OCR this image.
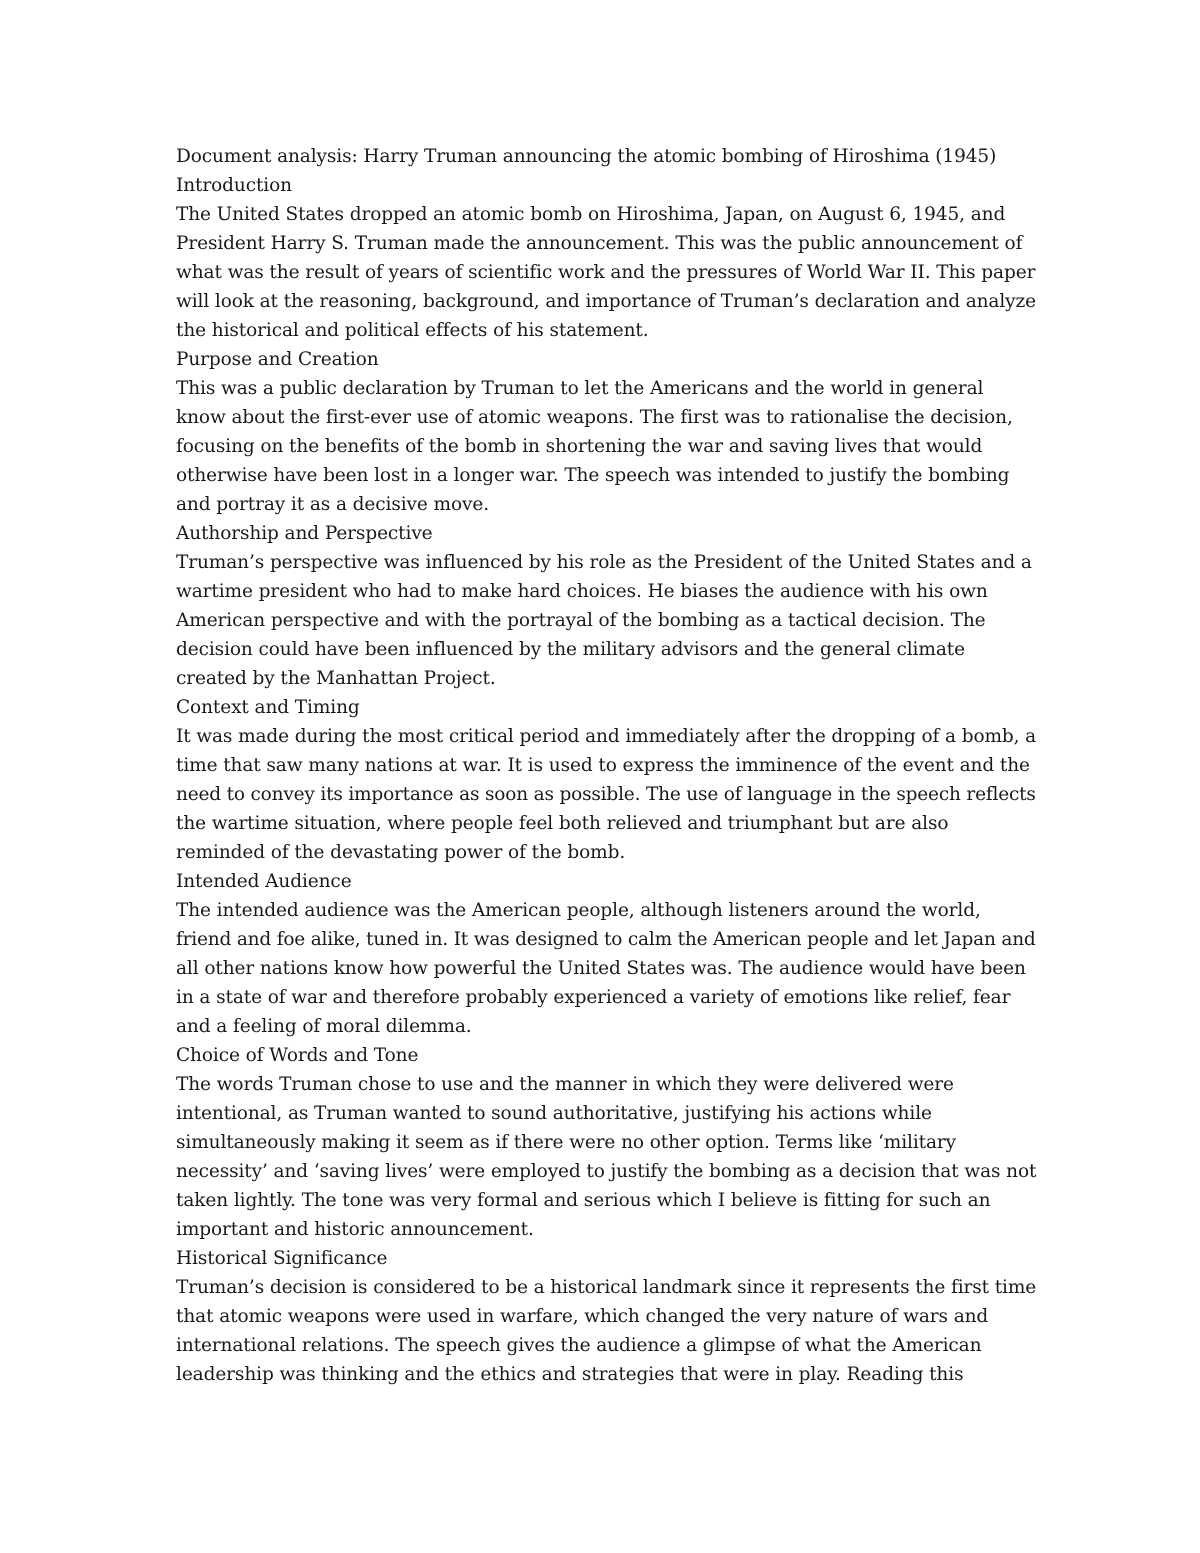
Document analysis: Harry Truman announcing the atomic bombing of Hiroshima (1945)
Introduction
The United States dropped an atomic bomb on Hiroshima, Japan, on August 6, 1945, and
President Harry S. Truman made the announcement. This was the public announcement of
what was the result of years of scientific work and the pressures of World War II. This paper
will look at the reasoning, background, and importance of Truman’s declaration and analyze
the historical and political effects of his statement.
Purpose and Creation
This was a public declaration by Truman to let the Americans and the world in general
know about the first-ever use of atomic weapons. The first was to rationalise the decision,
focusing on the benefits of the bomb in shortening the war and saving lives that would
otherwise have been lost in a longer war. The speech was intended to justify the bombing
and portray it as a decisive move.
Authorship and Perspective
Truman’s perspective was influenced by his role as the President of the United States and a
wartime president who had to make hard choices. He biases the audience with his own
American perspective and with the portrayal of the bombing as a tactical decision. The
decision could have been influenced by the military advisors and the general climate
created by the Manhattan Project.
Context and Timing
It was made during the most critical period and immediately after the dropping of a bomb, a
time that saw many nations at war. It is used to express the imminence of the event and the
need to convey its importance as soon as possible. The use of language in the speech reflects
the wartime situation, where people feel both relieved and triumphant but are also
reminded of the devastating power of the bomb.
Intended Audience
The intended audience was the American people, although listeners around the world,
friend and foe alike, tuned in. It was designed to calm the American people and let Japan and
all other nations know how powerful the United States was. The audience would have been
in a state of war and therefore probably experienced a variety of emotions like relief, fear
and a feeling of moral dilemma.
Choice of Words and Tone
The words Truman chose to use and the manner in which they were delivered were
intentional, as Truman wanted to sound authoritative, justifying his actions while
simultaneously making it seem as if there were no other option. Terms like ‘military
necessity’ and ‘saving lives’ were employed to justify the bombing as a decision that was not
taken lightly. The tone was very formal and serious which I believe is fitting for such an
important and historic announcement.
Historical Significance
Truman’s decision is considered to be a historical landmark since it represents the first time
that atomic weapons were used in warfare, which changed the very nature of wars and
international relations. The speech gives the audience a glimpse of what the American
leadership was thinking and the ethics and strategies that were in play. Reading this
